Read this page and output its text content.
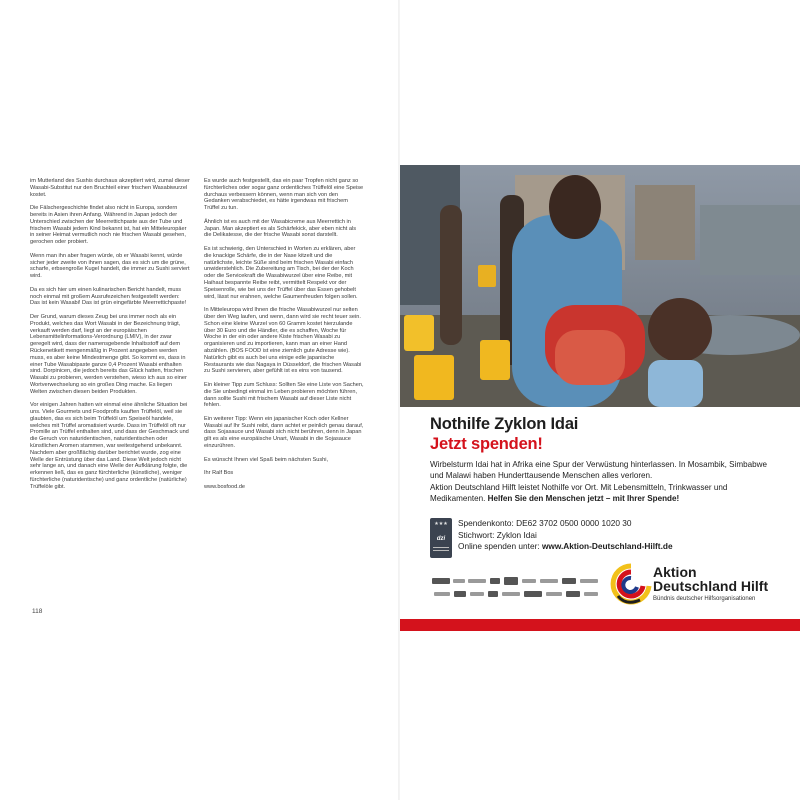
im Mutterland des Sushis durchaus akzeptiert wird, zumal dieser Wasabi-Substitut nur den Bruchteil einer frischen Wasabiwurzel kostet.

Die Fälschergeschichte findet also nicht in Europa, sondern bereits in Asien ihren Anfang. Während in Japan jedoch der Unterschied zwischen der Meerrettichpaste aus der Tube und frischem Wasabi jedem Kind bekannt ist, hat ein Mitteleuropäer in seiner Heimat vermutlich noch nie frischen Wasabi gesehen, gerochen oder probiert.

Wenn man ihn aber fragen würde, ob er Wasabi kennt, würde sicher jeder zweite von ihnen sagen, das es sich um die grüne, scharfe, erbsengroße Kugel handelt, die immer zu Sushi serviert wird.

Da es sich hier um einen kulinarischen Bericht handelt, muss noch einmal mit großem Ausrufezeichen festgestellt werden: Das ist kein Wasabi! Das ist grün eingefärbte Meerrettichpaste!

Der Grund, warum dieses Zeug bei uns immer noch als ein Produkt, welches das Wort Wasabi in der Bezeichnung trägt, verkauft werden darf, liegt an der europäischen Lebensmittelinformations-Verordnung (LMIV), in der zwar geregelt wird, dass der namensgebende Inhaltsstoff auf dem Rückenetikett mengenmäßig in Prozent angegeben werden muss, es aber keine Mindestmenge gibt. So kommt es, dass in einer Tube Wasabipaste ganze 0,4 Prozent Wasabi enthalten sind. Dorpinicen, die jedoch bereits das Glück hatten, frischen Wasabi zu probieren, werden verstehen, wieso ich aus so einer Wortverwechselung so ein großes Ding mache. Es liegen Welten zwischen diesen beiden Produkten.

Vor einigen Jahren hatten wir einmal eine ähnliche Situation bei uns. Viele Gourmets und Foodprofis kauften Trüffelöl, weil sie glaubten, das es sich beim Trüffelöl um Speiseöl handele, welches mit Trüffel aromatisiert wurde. Dass im Trüffelöl oft nur Promille an Trüffel enthalten sind, und dass der Geschmack und die Geruch von naturidentischen, naturidentischen oder künstlichen Aromen stammen, war weitestgehend unbekannt. Nachdem aber großflächig darüber berichtet wurde, zog eine Welle der Entrüstung über das Land. Diese Welt jedoch nicht sehr lange an, und danach eine Welle der Aufklärung folgte, die erkennen ließ, das es ganz fürchterliche (künstliche), weniger fürchterliche (naturidentische) und ganz ordentliche (natürliche) Trüffelöle gibt.

Es wurde auch festgestellt, das ein paar Tropfen nicht ganz so fürchterliches oder sogar ganz ordentliches Trüffelöl eine Speise durchaus verbessern können, wenn man sich von den Gedanken verabschiedet, es hätte irgendwas mit frischem Trüffel zu tun.

Ähnlich ist es auch mit der Wasabicreme aus Meerrettich in Japan. Man akzeptiert es als Schärfekick, aber eben nicht als die Delikatesse, die der frische Wasabi sonst darstellt.

Es ist schwierig, den Unterschied in Worten zu erklären, aber die knackige Schärfe, die in der Nase kitzelt und die natürlichste, leichte Süße sind beim frischen Wasabi einfach unwiderstehlich. Die Zubereitung am Tisch, bei der der Koch oder die Servicekraft die Wasabiwurzel über eine Reibe, mit Haihaut bespannte Reibe reibt, vermittelt Respekt vor der Speisenrolle, wie bei uns der Trüffel über das Essen gehobelt wird, lässt nur erahnen, welche Gaumenfreuden folgen sollen.

In Mitteleuropa wird Ihnen die frische Wasabiwurzel nur selten über den Weg laufen, und wenn, dann wird sie recht teuer sein. Schon eine kleine Wurzel von 60 Gramm kostet hierzulande über 30 Euro und die Händler, die es schaffen, Woche für Woche in der ein oder andere Kiste frischen Wasabi zu organisieren und zu importieren, kann man an einer Hand abzählen. (BOS FOOD ist eine ziemlich gute Adresse wie). Natürlich gibt es auch bei uns einige edle japanische Restaurants wie das Nagaya in Düsseldorf, die frischen Wasabi zu Sushi servieren, aber gefühlt ist es eins von tausend.

Ein kleiner Tipp zum Schluss: Sollten Sie eine Liste von Sachen, die Sie unbedingt einmal im Leben probieren möchten führen, dann sollte Sushi mit frischem Wasabi auf dieser Liste nicht fehlen.

Ein weiterer Tipp: Wenn ein japanischer Koch oder Kellner Wasabi auf Ihr Sushi reibt, dann achtet er peinlich genau darauf, dass Sojasauce und Wasabi sich nicht berühren, denn in Japan gilt es als eine europäische Unart, Wasabi in die Sojasauce einzurühren.

Es wünscht Ihnen viel Spaß beim nächsten Sushi,

Ihr Ralf Bos

www.bosfood.de

118
Nothilfe Zyklon Idai
Jetzt spenden!
Wirbelsturm Idai hat in Afrika eine Spur der Verwüstung hinterlassen. In Mosambik, Simbabwe und Malawi haben Hunderttausende Menschen alles verloren.
Aktion Deutschland Hilft leistet Nothilfe vor Ort. Mit Lebensmitteln, Trinkwasser und Medikamenten. Helfen Sie den Menschen jetzt – mit Ihrer Spende!
★★★
dzi
Spendenkonto: DE62 3702 0500 0000 1020 30
Stichwort: Zyklon Idai
Online spenden unter: www.Aktion-Deutschland-Hilft.de
Aktion
Deutschland Hilft
Bündnis deutscher Hilfsorganisationen
